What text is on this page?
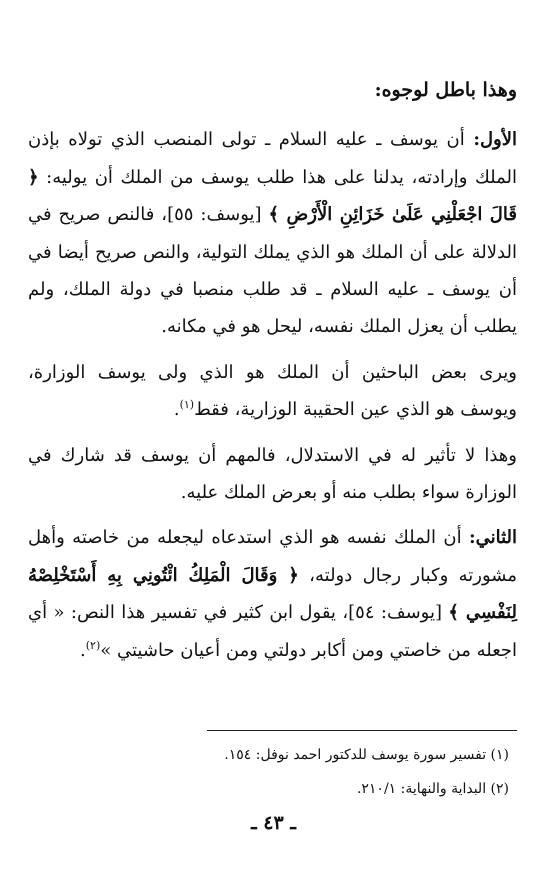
وهذا باطل لوجوه:

الأول: أن يوسف ـ عليه السلام ـ تولى المنصب الذي تولاه بإذن الملك وإرادته، يدلنا على هذا طلب يوسف من الملك أن يوليه: ﴿ قَالَ اجْعَلْنِي عَلَىٰ خَزَائِنِ الْأَرْضِ ﴾ [يوسف: ٥٥]، فالنص صريح في الدلالة على أن الملك هو الذي يملك التولية، والنص صريح أيضا في أن يوسف ـ عليه السلام ـ قد طلب منصبا في دولة الملك، ولم يطلب أن يعزل الملك نفسه، ليحل هو في مكانه.

ويرى بعض الباحثين أن الملك هو الذي ولى يوسف الوزارة، ويوسف هو الذي عين الحقيبة الوزارية، فقط$^{(١)}$.

وهذا لا تأثير له في الاستدلال، فالمهم أن يوسف قد شارك في الوزارة سواء بطلب منه أو بعرض الملك عليه.

الثاني: أن الملك نفسه هو الذي استدعاه ليجعله من خاصته وأهل مشورته وكبار رجال دولته، ﴿ وَقَالَ الْمَلِكُ ائْتُونِي بِهِ أَسْتَخْلِصْهُ لِنَفْسِي ﴾ [يوسف: ٥٤]، يقول ابن كثير في تفسير هذا النص: « أي اجعله من خاصتي ومن أكابر دولتي ومن أعيان حاشيتي »$^{(٢)}$.

(١) تفسير سورة يوسف للدكتور احمد نوفل: ١٥٤.

(٢) البداية والنهاية: ٢١٠/١.

ـ ٤٣ ـ
